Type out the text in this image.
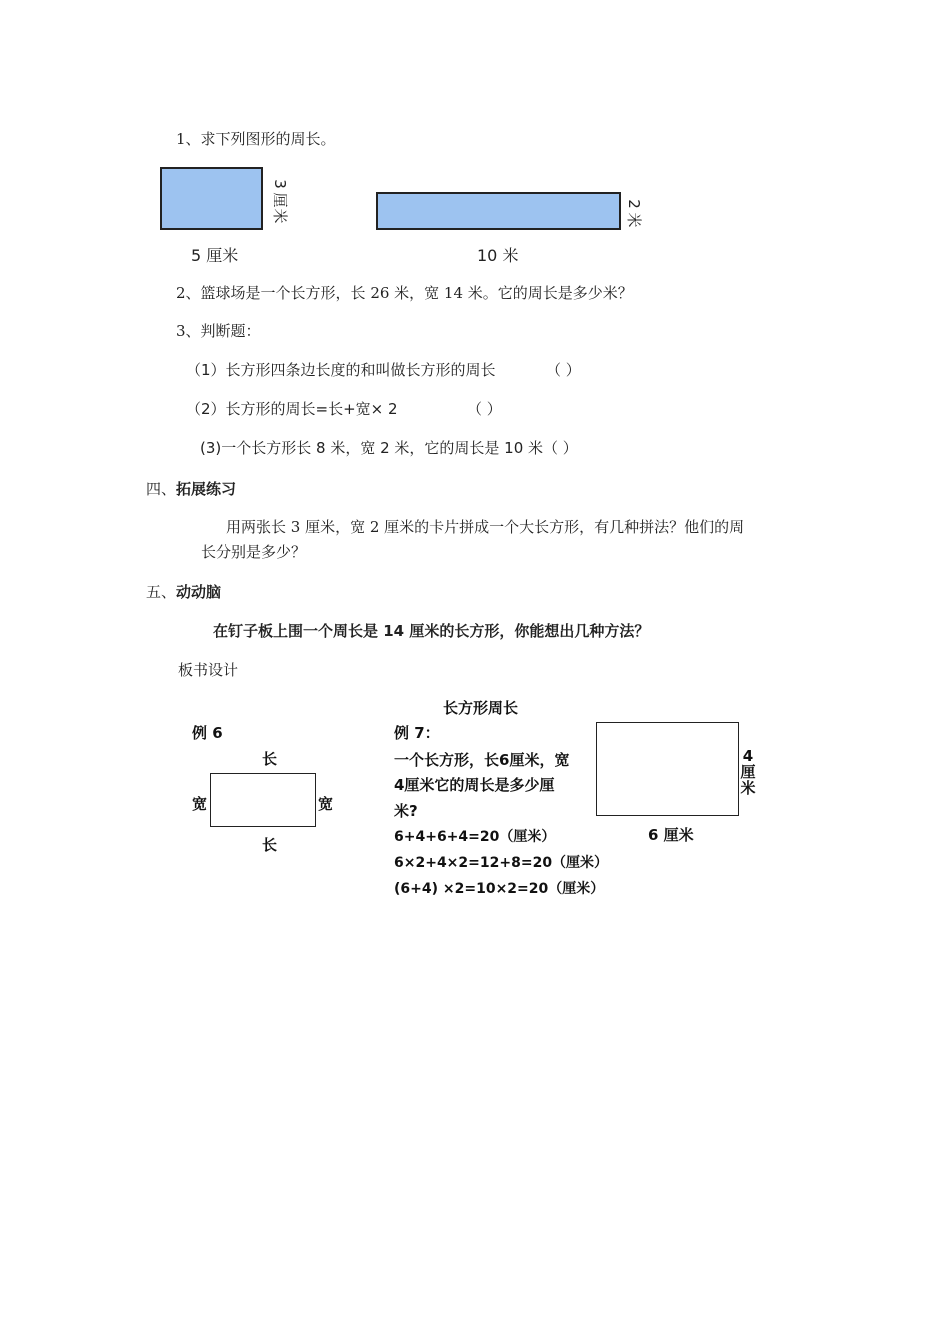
1、求下列图形的周长。
3
厘
米
5 厘米
2
米
10 米
2、篮球场是一个长方形，长 26 米，宽 14 米。它的周长是多少米？
3、判断题：
（1）长方形四条边长度的和叫做长方形的周长	（ ）
（2）长方形的周长=长+宽× 2	（ ）
(3)一个长方形长 8 米，宽 2 米，它的周长是 10 米（ ）
四、拓展练习
用两张长 3 厘米，宽 2 厘米的卡片拼成一个大长方形，有几种拼法？他们的周
长分别是多少？
五、动动脑
在钉子板上围一个周长是 14 厘米的长方形，你能想出几种方法？
板书设计
长方形周长
例 6
长
宽	宽
长
例 7：
一个长方形，长6厘米，宽
4厘米它的周长是多少厘
米?
6+4+6+4=20（厘米）
6×2+4×2=12+8=20（厘米）
(6+4) ×2=10×2=20（厘米）
4
厘
米
6 厘米
